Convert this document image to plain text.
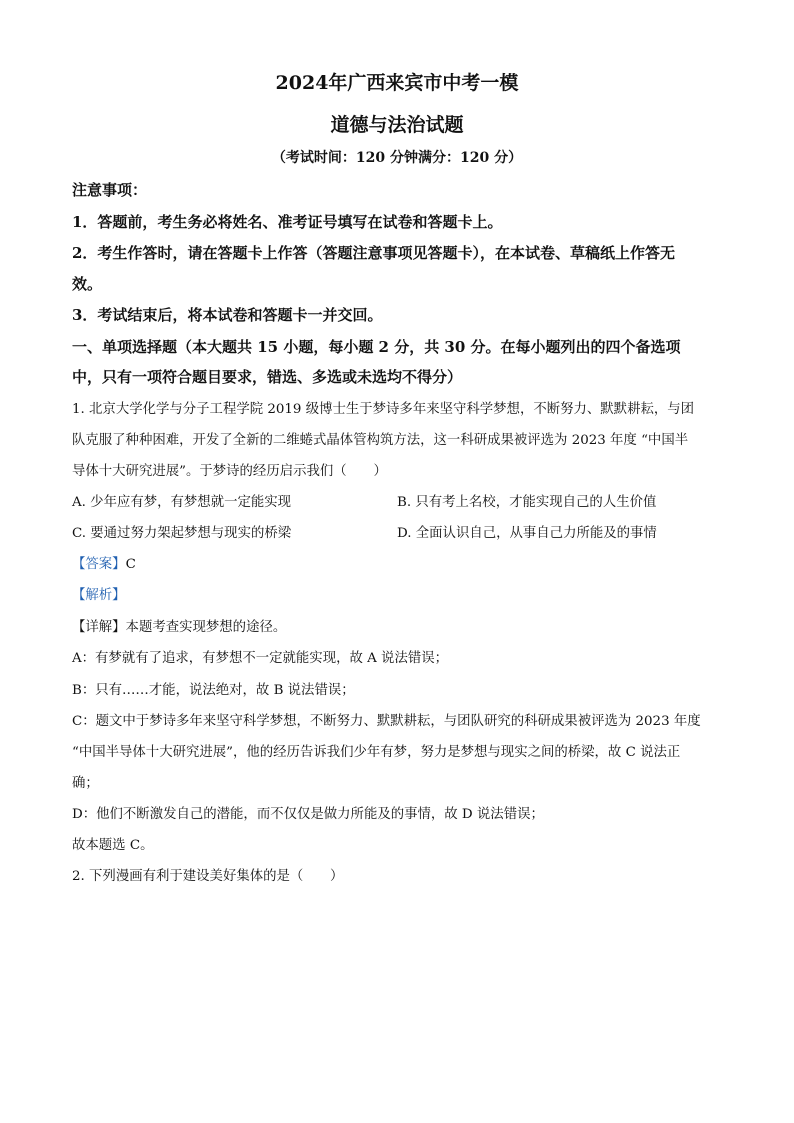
2024年广西来宾市中考一模
道德与法治试题
（考试时间：120 分钟满分：120 分）
注意事项：
1．答题前，考生务必将姓名、准考证号填写在试卷和答题卡上。
2．考生作答时，请在答题卡上作答（答题注意事项见答题卡），在本试卷、草稿纸上作答无
效。
3．考试结束后，将本试卷和答题卡一并交回。
一、单项选择题（本大题共 15 小题，每小题 2 分，共 30 分。在每小题列出的四个备选项
中，只有一项符合题目要求，错选、多选或未选均不得分）
1. 北京大学化学与分子工程学院 2019 级博士生于梦诗多年来坚守科学梦想，不断努力、默默耕耘，与团
队克服了种种困难，开发了全新的二维蜷式晶体管构筑方法，这一科研成果被评选为 2023 年度 “中国半
导体十大研究进展”。于梦诗的经历启示我们（　　）
A. 少年应有梦，有梦想就一定能实现	B. 只有考上名校，才能实现自己的人生价值
C. 要通过努力架起梦想与现实的桥梁	D. 全面认识自己，从事自己力所能及的事情
【答案】C
【解析】
【详解】本题考查实现梦想的途径。
A：有梦就有了追求，有梦想不一定就能实现，故 A 说法错误；
B：只有……才能，说法绝对，故 B 说法错误；
C：题文中于梦诗多年来坚守科学梦想，不断努力、默默耕耘，与团队研究的科研成果被评选为 2023 年度
“中国半导体十大研究进展”，他的经历告诉我们少年有梦，努力是梦想与现实之间的桥梁，故 C 说法正
确；
D：他们不断激发自己的潜能，而不仅仅是做力所能及的事情，故 D 说法错误；
故本题选 C。
2. 下列漫画有利于建设美好集体的是（　　）
